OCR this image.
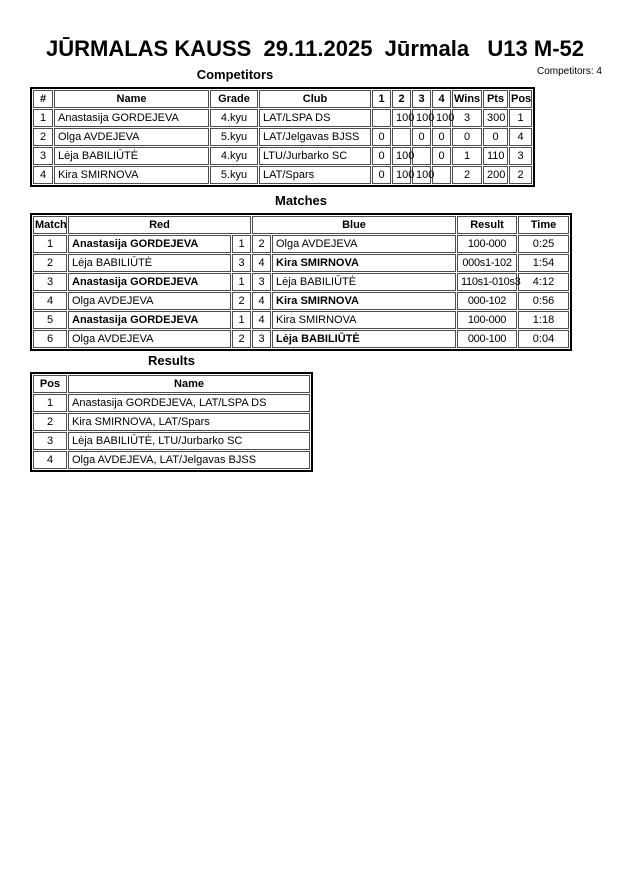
JŪRMALAS KAUSS  29.11.2025  Jūrmala   U13 M-52
Competitors: 4
Competitors
#	Name	Grade	Club	1	2	3	4	Wins	Pts	Pos
1	Anastasija GORDEJEVA	4.kyu	LAT/LSPA DS		100	100	100	3	300	1
2	Olga AVDEJEVA	5.kyu	LAT/Jelgavas BJSS	0		0	0	0	0	4
3	Lėja BABILIŪTĖ	4.kyu	LTU/Jurbarko SC	0	100		0	1	110	3
4	Kira SMIRNOVA	5.kyu	LAT/Spars	0	100	100		2	200	2
Matches
Match	Red		Blue		Result	Time
1	Anastasija GORDEJEVA	1	2	Olga AVDEJEVA	100-000	0:25
2	Lėja BABILIŪTĖ	3	4	Kira SMIRNOVA	000s1-102	1:54
3	Anastasija GORDEJEVA	1	3	Lėja BABILIŪTĖ	110s1-010s3	4:12
4	Olga AVDEJEVA	2	4	Kira SMIRNOVA	000-102	0:56
5	Anastasija GORDEJEVA	1	4	Kira SMIRNOVA	100-000	1:18
6	Olga AVDEJEVA	2	3	Lėja BABILIŪTĖ	000-100	0:04
Results
Pos	Name
1	Anastasija GORDEJEVA, LAT/LSPA DS
2	Kira SMIRNOVA, LAT/Spars
3	Lėja BABILIŪTĖ, LTU/Jurbarko SC
4	Olga AVDEJEVA, LAT/Jelgavas BJSS
